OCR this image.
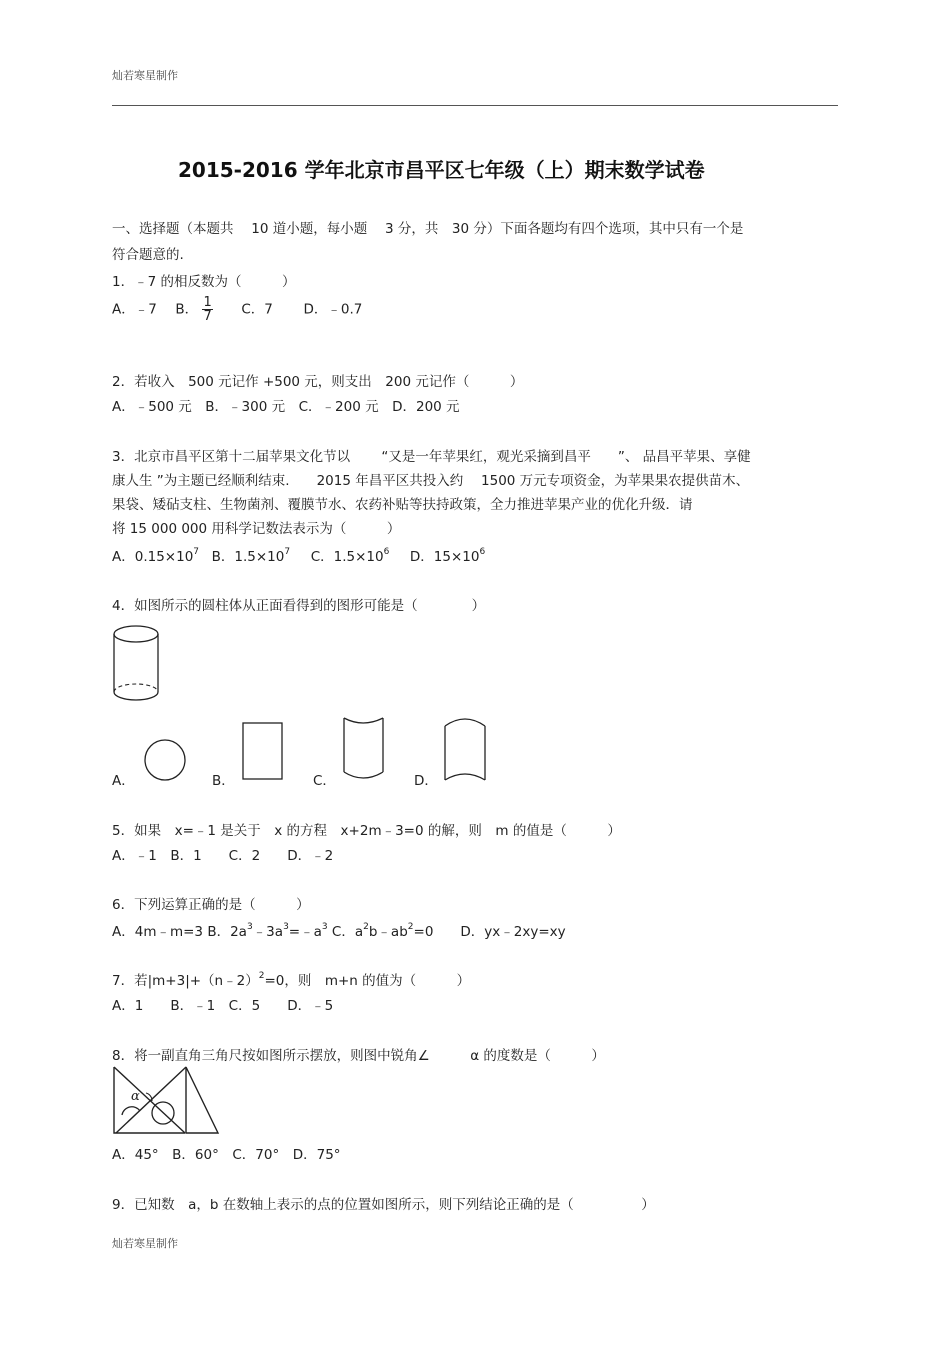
灿若寒星制作
2015-2016 学年北京市昌平区七年级（上）期末数学试卷
一、选择题（本题共　 10 道小题，每小题　 3 分，共　30 分）下面各题均有四个选项，其中只有一个是
符合题意的.
1．﹣7 的相反数为（　　　）
A．﹣7 B． $\frac{1}{7}$ C．7 D．﹣0.7
2．若收入　500 元记作 +500 元，则支出　200 元记作（　　　）
A．﹣500 元　B．﹣300 元　C．﹣200 元　D．200 元
3．北京市昌平区第十二届苹果文化节以　　 “又是一年苹果红，观光采摘到昌平　　”、 品昌平苹果、享健
康人生 ”为主题已经顺利结束.　　2015 年昌平区共投入约　 1500 万元专项资金，为苹果果农提供苗木、
果袋、矮砧支柱、生物菌剂、覆膜节水、农药补贴等扶持政策，全力推进苹果产业的优化升级．请
将 15 000 000 用科学记数法表示为（　　　）
A．$0.15\times 10^7$ B．$1.5\times 10^7$ C．$1.5\times 10^6$ D．$15\times 10^6$
4．如图所示的圆柱体从正面看得到的图形可能是（　　　　）
A．	B．	C．	D．
5．如果　x=﹣1 是关于　x 的方程　x+2m﹣3=0 的解，则　m 的值是（　　　）
A．﹣1　B．1　　C．2　　D．﹣2
6．下列运算正确的是（　　　）
A．4m﹣m=3 B．$2a^3﹣3a^3=﹣a^3$ C．$a^2b﹣ab^2=0$　　D．yx﹣2xy=xy
7．若|m+3|+（n﹣2）$^2$=0，则　m+n 的值为（　　　）
A．1　　B．﹣1　C．5　　D．﹣5
8．将一副直角三角尺按如图所示摆放，则图中锐角∠　　　α 的度数是（　　　）
α
A．45°　B．60°　C．70°　D．75°
9．已知数　a，b 在数轴上表示的点的位置如图所示，则下列结论正确的是（　　　　　）
灿若寒星制作
